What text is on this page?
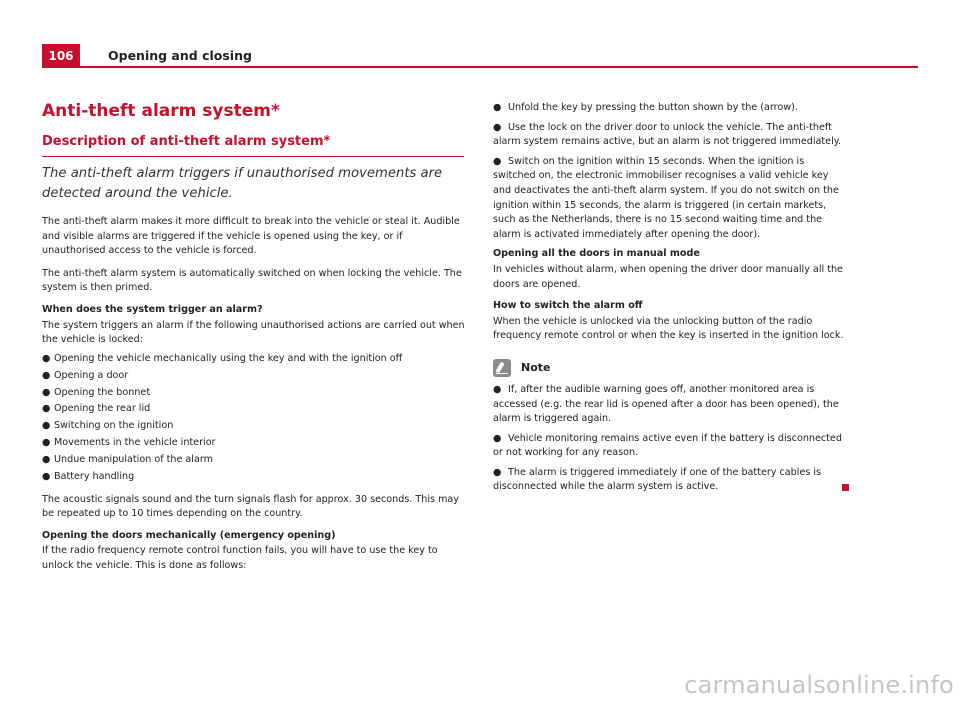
106	Opening and closing
Anti-theft alarm system*
Description of anti-theft alarm system*
The anti-theft alarm triggers if unauthorised movements are detected around the vehicle.

The anti-theft alarm makes it more difficult to break into the vehicle or steal it. Audible and visible alarms are triggered if the vehicle is opened using the key, or if unauthorised access to the vehicle is forced.

The anti-theft alarm system is automatically switched on when locking the vehicle. The system is then primed.

When does the system trigger an alarm?

The system triggers an alarm if the following unauthorised actions are carried out when the vehicle is locked:

● Opening the vehicle mechanically using the key and with the ignition off
● Opening a door
● Opening the bonnet
● Opening the rear lid
● Switching on the ignition
● Movements in the vehicle interior
● Undue manipulation of the alarm
● Battery handling

The acoustic signals sound and the turn signals flash for approx. 30 seconds. This may be repeated up to 10 times depending on the country.

Opening the doors mechanically (emergency opening)

If the radio frequency remote control function fails, you will have to use the key to unlock the vehicle. This is done as follows:

● Unfold the key by pressing the button shown by the (arrow).
● Use the lock on the driver door to unlock the vehicle. The anti-theft alarm system remains active, but an alarm is not triggered immediately.
● Switch on the ignition within 15 seconds. When the ignition is switched on, the electronic immobiliser recognises a valid vehicle key and deactivates the anti-theft alarm system. If you do not switch on the ignition within 15 seconds, the alarm is triggered (in certain markets, such as the Netherlands, there is no 15 second waiting time and the alarm is activated immediately after opening the door).

Opening all the doors in manual mode

In vehicles without alarm, when opening the driver door manually all the doors are opened.

How to switch the alarm off

When the vehicle is unlocked via the unlocking button of the radio frequency remote control or when the key is inserted in the ignition lock.

Note
● If, after the audible warning goes off, another monitored area is accessed (e.g. the rear lid is opened after a door has been opened), the alarm is triggered again.
● Vehicle monitoring remains active even if the battery is disconnected or not working for any reason.
● The alarm is triggered immediately if one of the battery cables is disconnected while the alarm system is active.
carmanualsonline.info
